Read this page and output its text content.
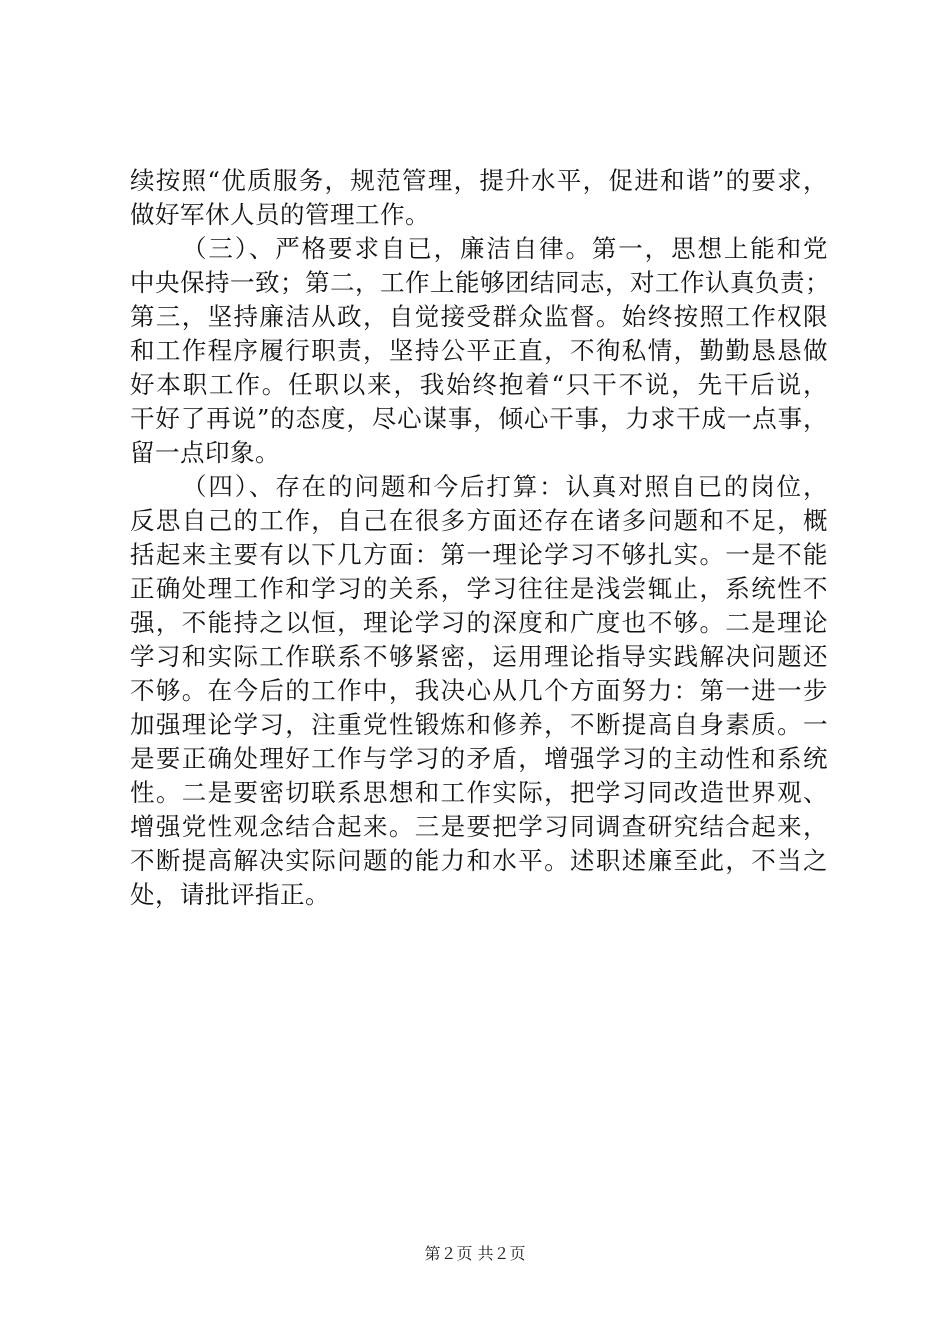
续按照“优质服务，规范管理，提升水平，促进和谐”的要求，
做好军休人员的管理工作。
（三）、严格要求自已，廉洁自律。第一，思想上能和党
中央保持一致；第二，工作上能够团结同志，对工作认真负责；
第三，坚持廉洁从政，自觉接受群众监督。始终按照工作权限
和工作程序履行职责，坚持公平正直，不徇私情，勤勤恳恳做
好本职工作。任职以来，我始终抱着“只干不说，先干后说，
干好了再说”的态度，尽心谋事，倾心干事，力求干成一点事，
留一点印象。
（四）、存在的问题和今后打算：认真对照自已的岗位，
反思自己的工作，自己在很多方面还存在诸多问题和不足，概
括起来主要有以下几方面：第一理论学习不够扎实。一是不能
正确处理工作和学习的关系，学习往往是浅尝辄止，系统性不
强，不能持之以恒，理论学习的深度和广度也不够。二是理论
学习和实际工作联系不够紧密，运用理论指导实践解决问题还
不够。在今后的工作中，我决心从几个方面努力：第一进一步
加强理论学习，注重党性锻炼和修养，不断提高自身素质。一
是要正确处理好工作与学习的矛盾，增强学习的主动性和系统
性。二是要密切联系思想和工作实际，把学习同改造世界观、
增强党性观念结合起来。三是要把学习同调查研究结合起来，
不断提高解决实际问题的能力和水平。述职述廉至此，不当之
处，请批评指正。
第２页 共２页
